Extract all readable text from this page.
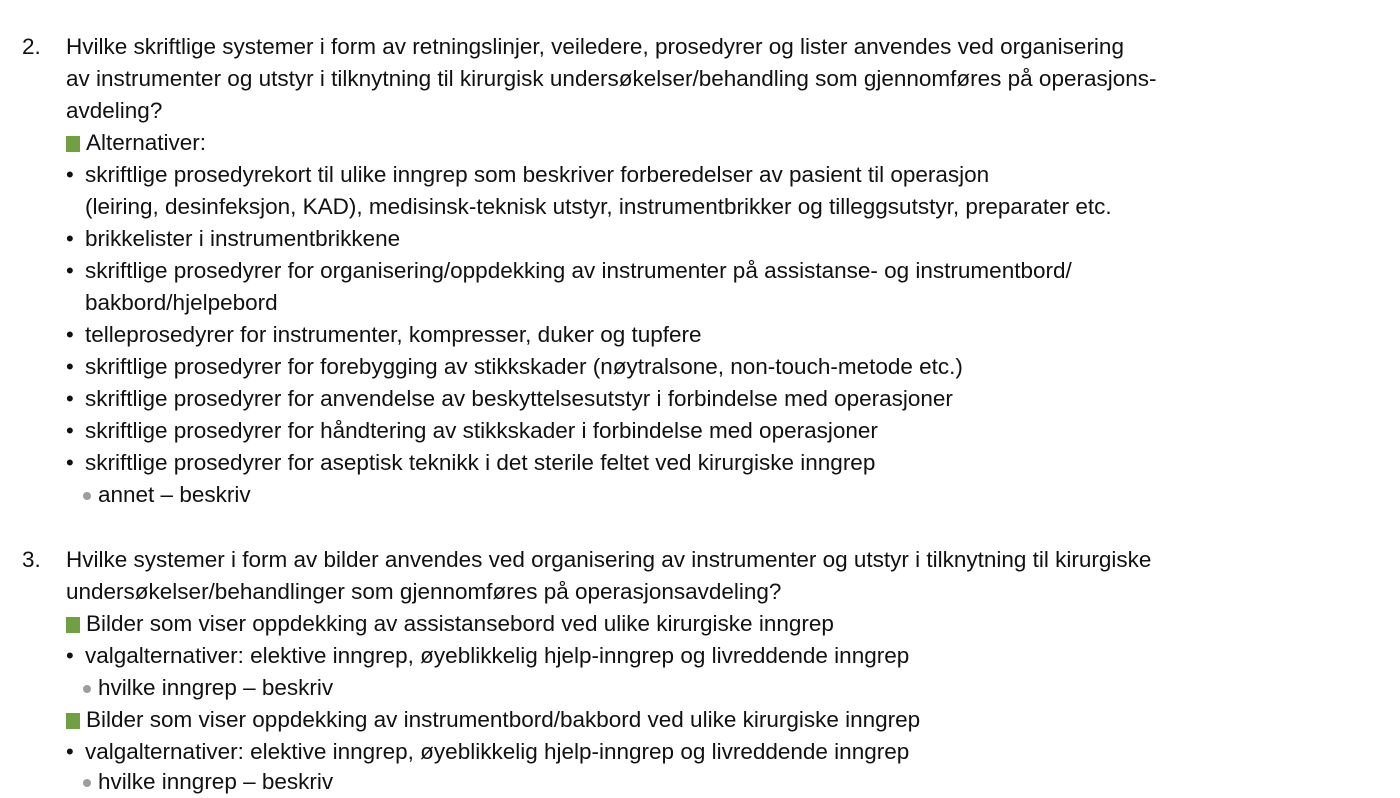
2. Hvilke skriftlige systemer i form av retningslinjer, veiledere, prosedyrer og lister anvendes ved organisering
av instrumenter og utstyr i tilknytning til kirurgisk undersøkelser/behandling som gjennomføres på operasjons-
avdeling?
Alternativer:
• skriftlige prosedyrekort til ulike inngrep som beskriver forberedelser av pasient til operasjon
(leiring, desinfeksjon, KAD), medisinsk-teknisk utstyr, instrumentbrikker og tilleggsutstyr, preparater etc.
• brikkelister i instrumentbrikkene
• skriftlige prosedyrer for organisering/oppdekking av instrumenter på assistanse- og instrumentbord/
bakbord/hjelpebord
• telleprosedyrer for instrumenter, kompresser, duker og tupfere
• skriftlige prosedyrer for forebygging av stikkskader (nøytralsone, non-touch-metode etc.)
• skriftlige prosedyrer for anvendelse av beskyttelsesutstyr i forbindelse med operasjoner
• skriftlige prosedyrer for håndtering av stikkskader i forbindelse med operasjoner
• skriftlige prosedyrer for aseptisk teknikk i det sterile feltet ved kirurgiske inngrep
annet – beskriv
3. Hvilke systemer i form av bilder anvendes ved organisering av instrumenter og utstyr i tilknytning til kirurgiske
undersøkelser/behandlinger som gjennomføres på operasjonsavdeling?
Bilder som viser oppdekking av assistansebord ved ulike kirurgiske inngrep
• valgalternativer: elektive inngrep, øyeblikkelig hjelp-inngrep og livreddende inngrep
hvilke inngrep – beskriv
Bilder som viser oppdekking av instrumentbord/bakbord ved ulike kirurgiske inngrep
• valgalternativer: elektive inngrep, øyeblikkelig hjelp-inngrep og livreddende inngrep
hvilke inngrep – beskriv
